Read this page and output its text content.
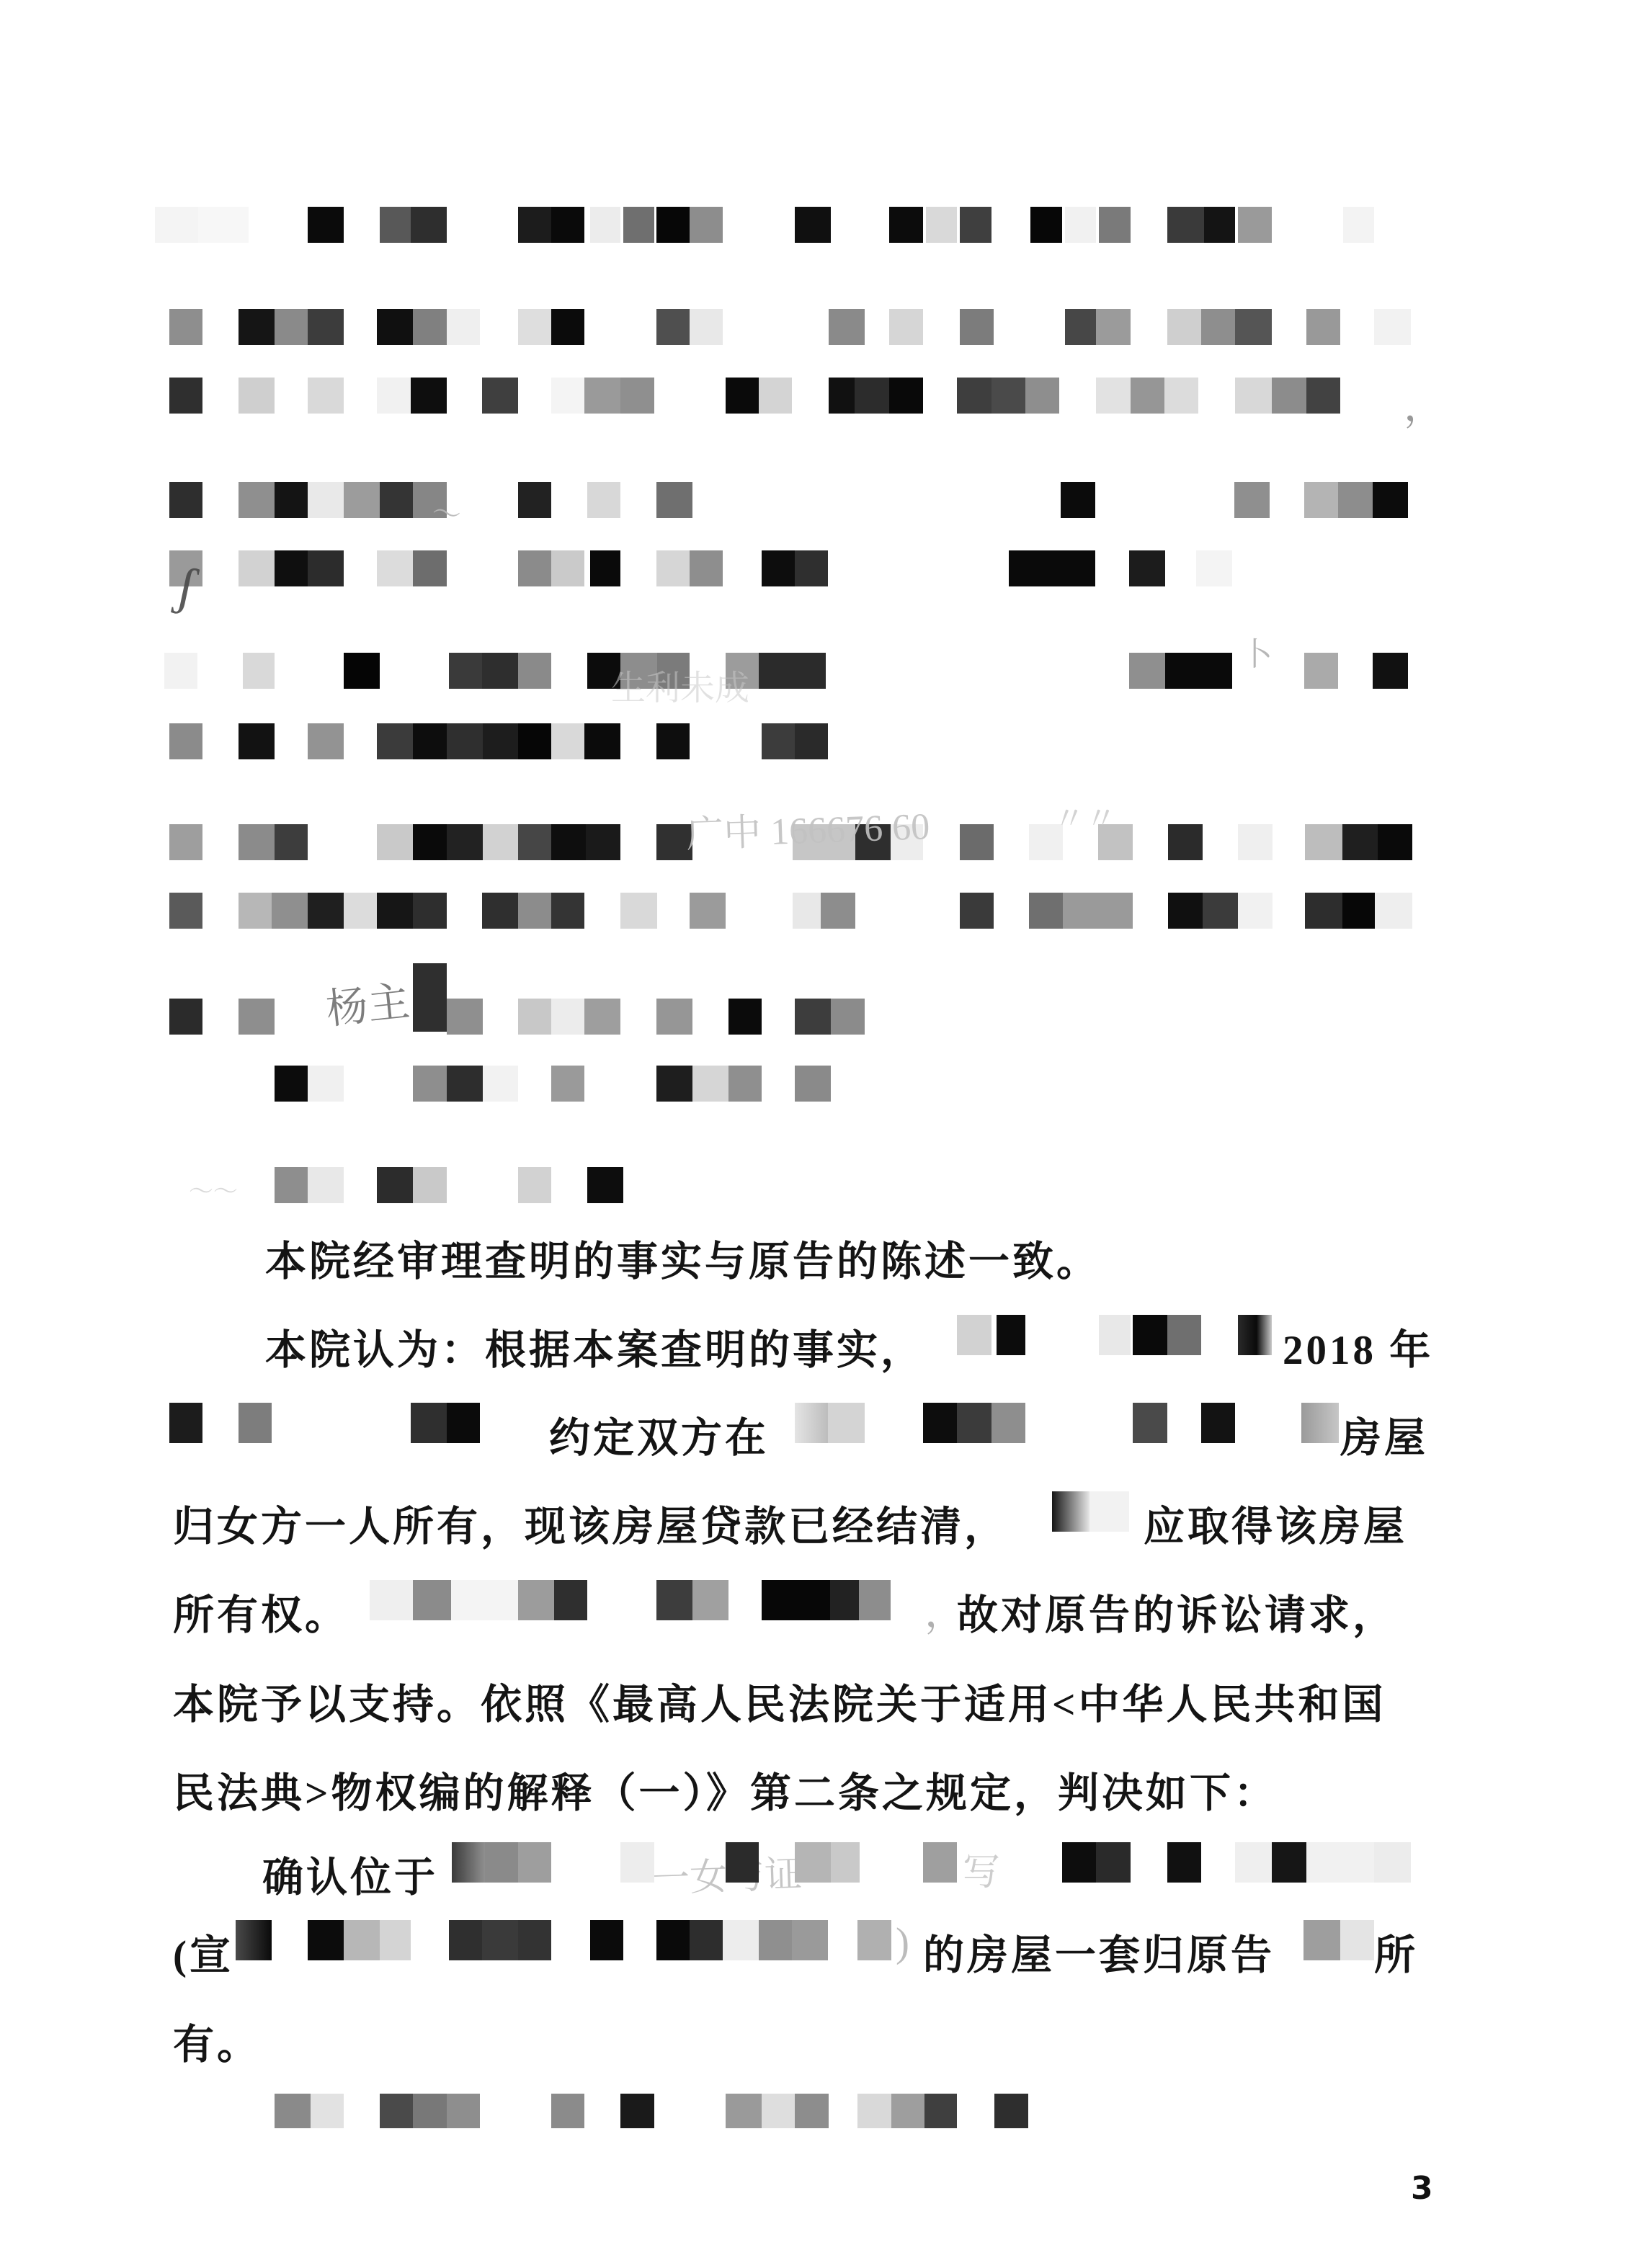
写
本院经审理查明的事实与原告的陈述一致。
本院认为：根据本案查明的事实，	2018 年
约定双方在	房屋
归女方一人所有，现该房屋贷款已经结清，	应取得该房屋
所有权。	故对原告的诉讼请求，
本院予以支持。依照《最高人民法院关于适用<中华人民共和国
民法典>物权编的解释（一）》第二条之规定，判决如下：
确认位于
(宣	的房屋一套归原告 所
有。
广中 166676 60	〃〃
，
ʃ
〜
杨主
卜
生利未成
)
，
〜〜
3
